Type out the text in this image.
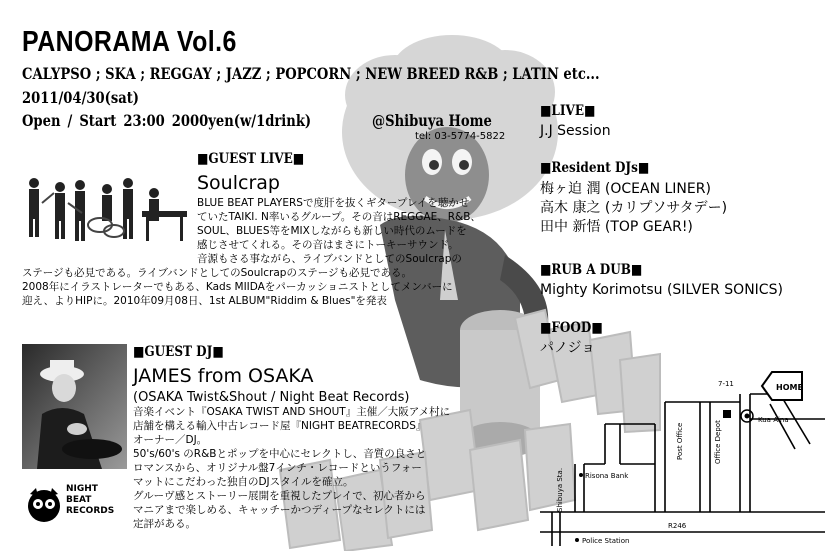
PANORAMA Vol.6
CALYPSO ; SKA ; REGGAY ; JAZZ ; POPCORN ; NEW BREED R&B ; LATIN etc...
2011/04/30(sat)
Open / Start 23:00 2000yen(w/1drink)	@Shibuya Home
tel: 03-5774-5822
■GUEST LIVE■
Soulcrap
BLUE BEAT PLAYERSで度肝を抜くギタープレイを聴かせ
ていたTAIKI. N率いるグループ。その音はREGGAE、R&B、
SOUL、BLUES等をMIXしながらも新しい時代のムードを
感じさせてくれる。その音はまさにトーキーサウンド。
音源もさる事ながら、ライブバンドとしてのSoulcrapの
ステージも必見である。ライブバンドとしてのSoulcrapのステージも必見である。
2008年にイラストレーターでもある、Kads MIIDAをパーカッショニストとしてメンバーに
迎え、よりHIPに。2010年09月08日、1st ALBUM"Riddim & Blues"を発表
NIGHT
BEAT
RECORDS
■GUEST DJ■
JAMES from OSAKA
(OSAKA Twist&Shout / Night Beat Records)
音楽イベント『OSAKA TWIST AND SHOUT』主催／大阪アメ村に
店舗を構える輸入中古レコード屋『NIGHT BEATRECORDS』
オーナー／DJ。
50's/60's のR&Bとポップを中心にセレクトし、音質の良さと
ロマンスから、オリジナル盤7インチ・レコードというフォー
マットにこだわった独自のDJスタイルを確立。
グルーヴ感とストーリー展開を重視したプレイで、初心者から
マニアまで楽しめる、キャッチーかつディープなセレクトには
定評がある。
■LIVE■
J.J Session
■Resident DJs■
梅ヶ迫 潤 (OCEAN LINER)
高木 康之 (カリプソサタデー)
田中 新悟 (TOP GEAR!)
■RUB A DUB■
Mighty Korimotsu (SILVER SONICS)
■FOOD■
パノジョ
HOME
7-11
Kua Aina
Post Office	Office Depot
Risona Bank
Shibuya Sta.
R246
Police Station
